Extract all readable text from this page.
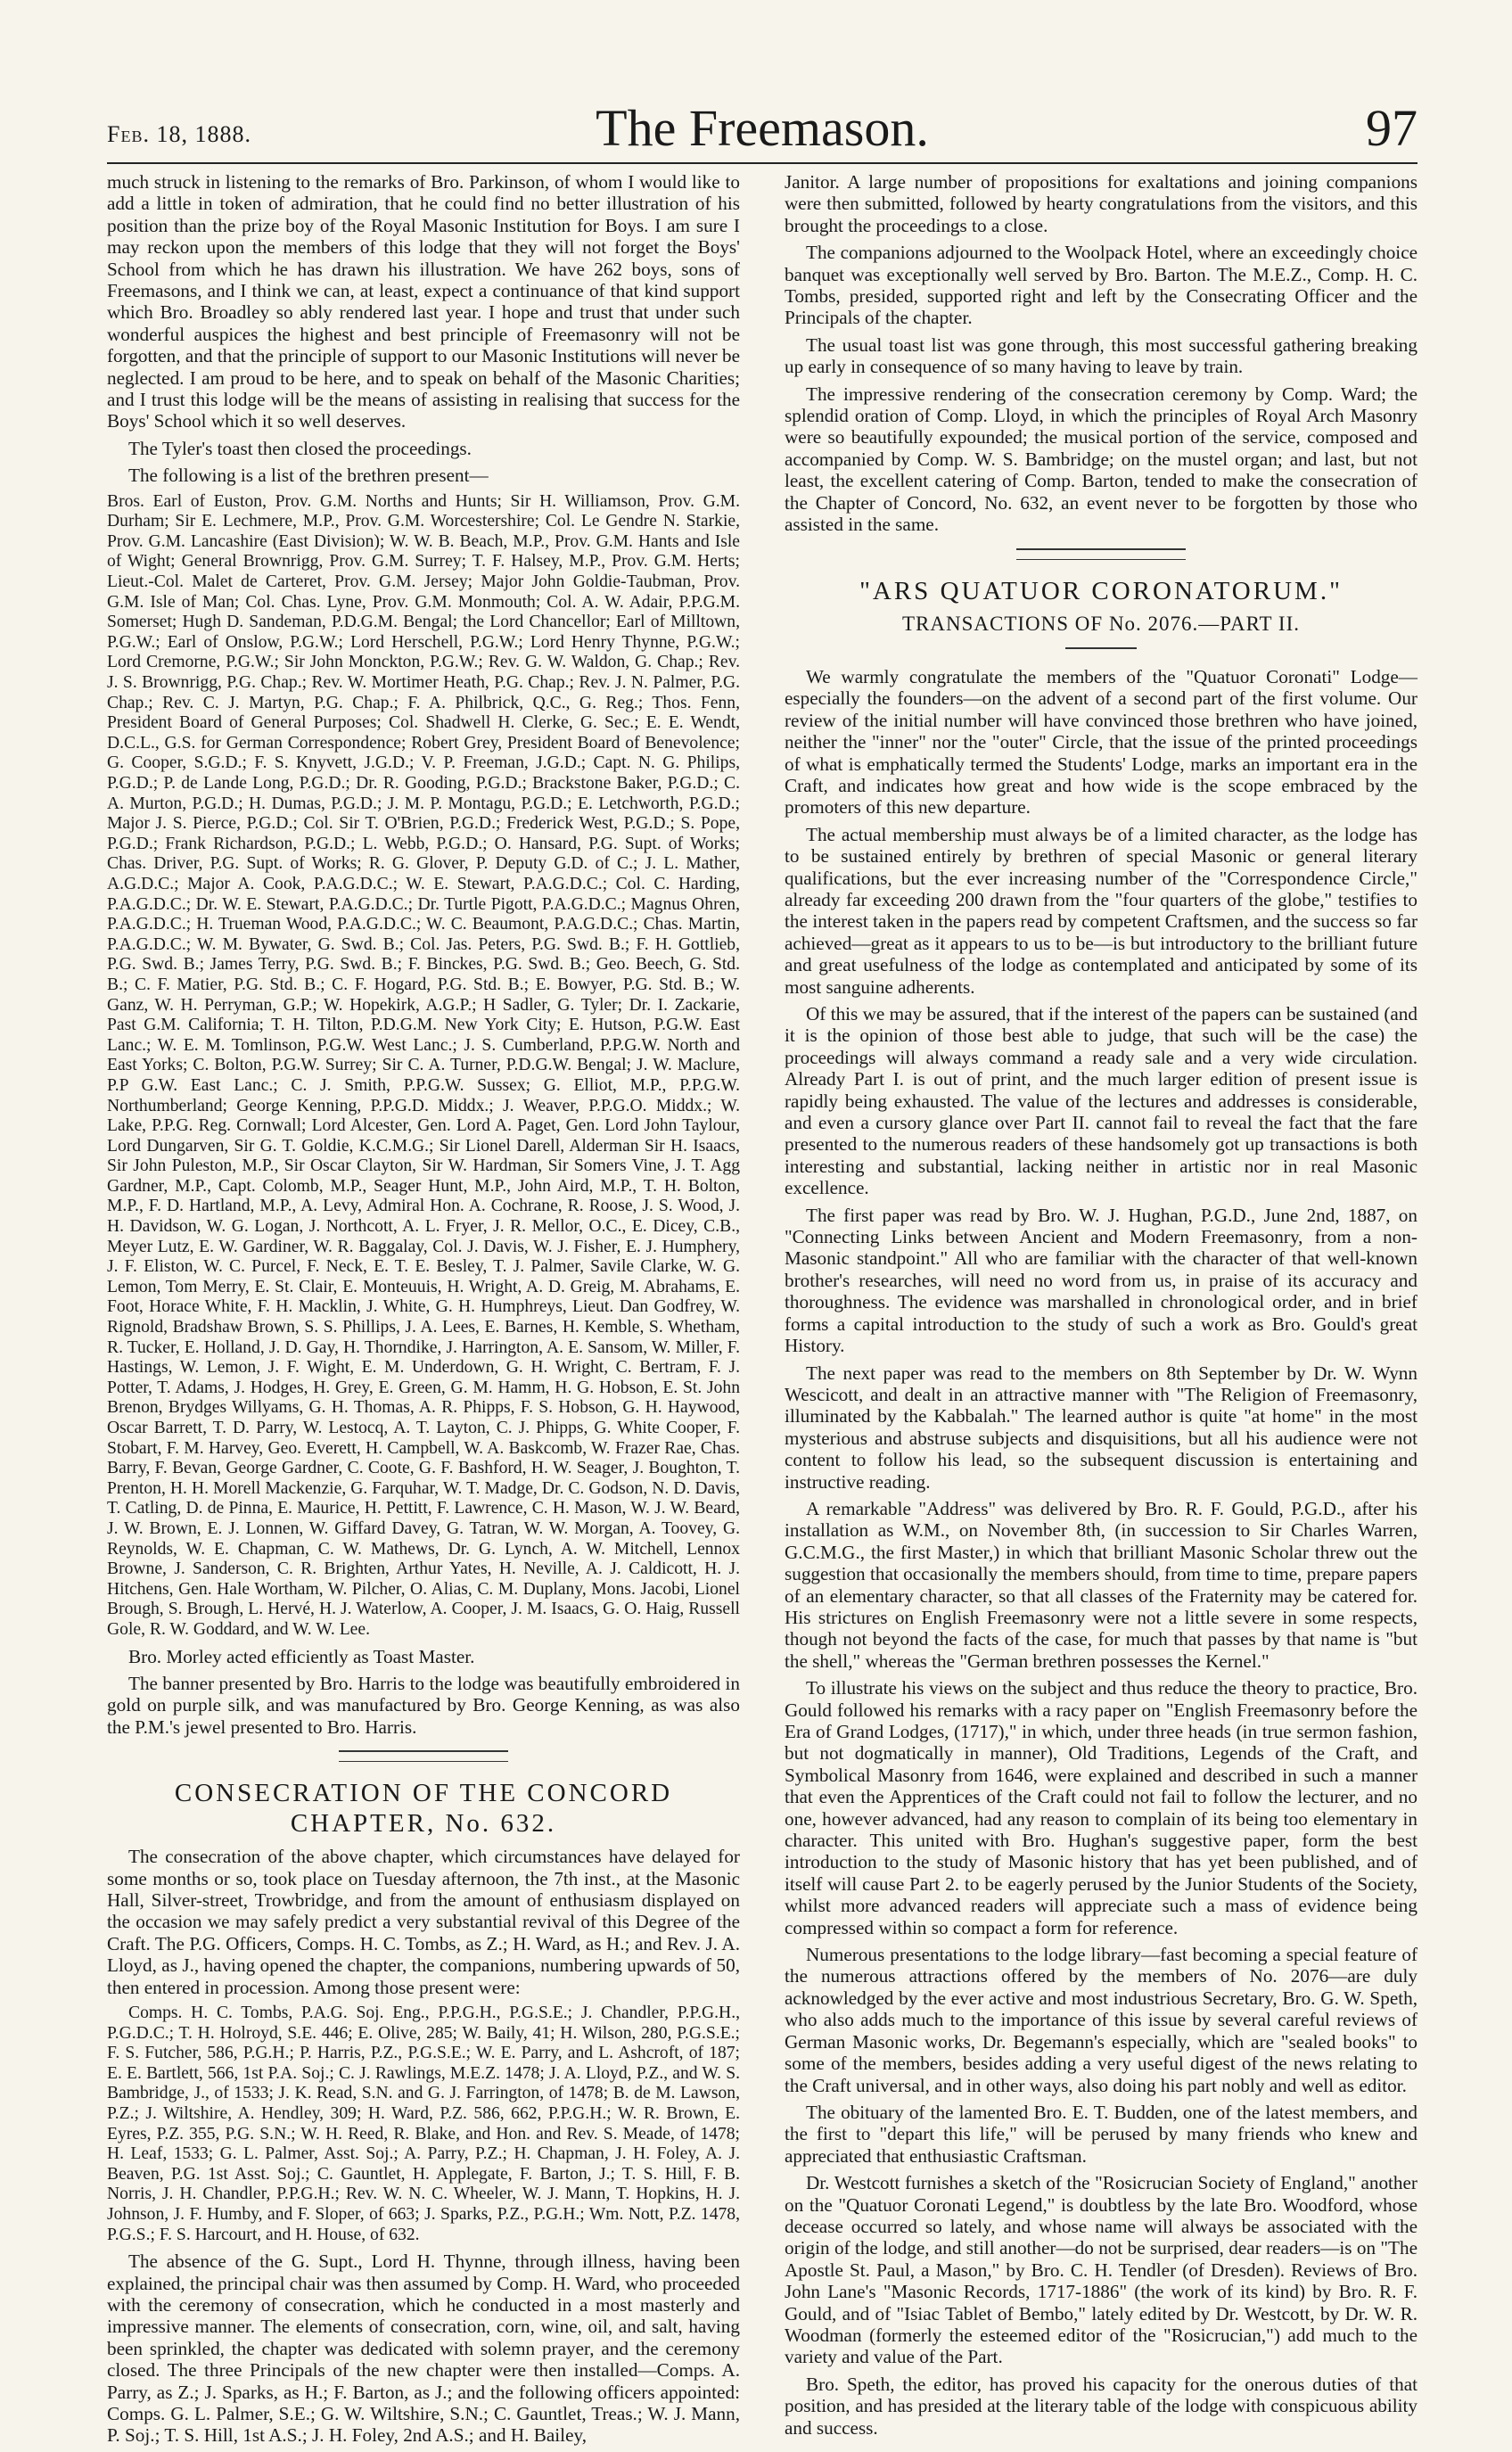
Feb. 18, 1888.	The Freemason.	97

much struck in listening to the remarks of Bro. Parkinson, of whom I would like to add a little in token of admiration, that he could find no better illustration of his position than the prize boy of the Royal Masonic Institution for Boys. I am sure I may reckon upon the members of this lodge that they will not forget the Boys' School from which he has drawn his illustration. We have 262 boys, sons of Freemasons, and I think we can, at least, expect a continuance of that kind support which Bro. Broadley so ably rendered last year. I hope and trust that under such wonderful auspices the highest and best principle of Freemasonry will not be forgotten, and that the principle of support to our Masonic Institutions will never be neglected. I am proud to be here, and to speak on behalf of the Masonic Charities; and I trust this lodge will be the means of assisting in realising that success for the Boys' School which it so well deserves.

The Tyler's toast then closed the proceedings.

The following is a list of the brethren present—

Bros. Earl of Euston, Prov. G.M. Norths and Hunts; Sir H. Williamson, Prov. G.M. Durham; Sir E. Lechmere, M.P., Prov. G.M. Worcestershire; Col. Le Gendre N. Starkie, Prov. G.M. Lancashire (East Division); W. W. B. Beach, M.P., Prov. G.M. Hants and Isle of Wight; General Brownrigg, Prov. G.M. Surrey; T. F. Halsey, M.P., Prov. G.M. Herts; Lieut.-Col. Malet de Carteret, Prov. G.M. Jersey; Major John Goldie-Taubman, Prov. G.M. Isle of Man; Col. Chas. Lyne, Prov. G.M. Monmouth; Col. A. W. Adair, P.P.G.M. Somerset; Hugh D. Sandeman, P.D.G.M. Bengal; the Lord Chancellor; Earl of Milltown, P.G.W.; Earl of Onslow, P.G.W.; Lord Herschell, P.G.W.; Lord Henry Thynne, P.G.W.; Lord Cremorne, P.G.W.; Sir John Monckton, P.G.W.; Rev. G. W. Waldon, G. Chap.; Rev. J. S. Brownrigg, P.G. Chap.; Rev. W. Mortimer Heath, P.G. Chap.; Rev. J. N. Palmer, P.G. Chap.; Rev. C. J. Martyn, P.G. Chap.; F. A. Philbrick, Q.C., G. Reg.; Thos. Fenn, President Board of General Purposes; Col. Shadwell H. Clerke, G. Sec.; E. E. Wendt, D.C.L., G.S. for German Correspondence; Robert Grey, President Board of Benevolence; G. Cooper, S.G.D.; F. S. Knyvett, J.G.D.; V. P. Freeman, J.G.D.; Capt. N. G. Philips, P.G.D.; P. de Lande Long, P.G.D.; Dr. R. Gooding, P.G.D.; Brackstone Baker, P.G.D.; C. A. Murton, P.G.D.; H. Dumas, P.G.D.; J. M. P. Montagu, P.G.D.; E. Letchworth, P.G.D.; Major J. S. Pierce, P.G.D.; Col. Sir T. O'Brien, P.G.D.; Frederick West, P.G.D.; S. Pope, P.G.D.; Frank Richardson, P.G.D.; L. Webb, P.G.D.; O. Hansard, P.G. Supt. of Works; Chas. Driver, P.G. Supt. of Works; R. G. Glover, P. Deputy G.D. of C.; J. L. Mather, A.G.D.C.; Major A. Cook, P.A.G.D.C.; W. E. Stewart, P.A.G.D.C.; Col. C. Harding, P.A.G.D.C.; Dr. W. E. Stewart, P.A.G.D.C.; Dr. Turtle Pigott, P.A.G.D.C.; Magnus Ohren, P.A.G.D.C.; H. Trueman Wood, P.A.G.D.C.; W. C. Beaumont, P.A.G.D.C.; Chas. Martin, P.A.G.D.C.; W. M. Bywater, G. Swd. B.; Col. Jas. Peters, P.G. Swd. B.; F. H. Gottlieb, P.G. Swd. B.; James Terry, P.G. Swd. B.; F. Binckes, P.G. Swd. B.; Geo. Beech, G. Std. B.; C. F. Matier, P.G. Std. B.; C. F. Hogard, P.G. Std. B.; E. Bowyer, P.G. Std. B.; W. Ganz, W. H. Perryman, G.P.; W. Hopekirk, A.G.P.; H Sadler, G. Tyler; Dr. I. Zackarie, Past G.M. California; T. H. Tilton, P.D.G.M. New York City; E. Hutson, P.G.W. East Lanc.; W. E. M. Tomlinson, P.G.W. West Lanc.; J. S. Cumberland, P.P.G.W. North and East Yorks; C. Bolton, P.G.W. Surrey; Sir C. A. Turner, P.D.G.W. Bengal; J. W. Maclure, P.P G.W. East Lanc.; C. J. Smith, P.P.G.W. Sussex; G. Elliot, M.P., P.P.G.W. Northumberland; George Kenning, P.P.G.D. Middx.; J. Weaver, P.P.G.O. Middx.; W. Lake, P.P.G. Reg. Cornwall; Lord Alcester, Gen. Lord A. Paget, Gen. Lord John Taylour, Lord Dungarven, Sir G. T. Goldie, K.C.M.G.; Sir Lionel Darell, Alderman Sir H. Isaacs, Sir John Puleston, M.P., Sir Oscar Clayton, Sir W. Hardman, Sir Somers Vine, J. T. Agg Gardner, M.P., Capt. Colomb, M.P., Seager Hunt, M.P., John Aird, M.P., T. H. Bolton, M.P., F. D. Hartland, M.P., A. Levy, Admiral Hon. A. Cochrane, R. Roose, J. S. Wood, J. H. Davidson, W. G. Logan, J. Northcott, A. L. Fryer, J. R. Mellor, O.C., E. Dicey, C.B., Meyer Lutz, E. W. Gardiner, W. R. Baggalay, Col. J. Davis, W. J. Fisher, E. J. Humphery, J. F. Eliston, W. C. Purcel, F. Neck, E. T. E. Besley, T. J. Palmer, Savile Clarke, W. G. Lemon, Tom Merry, E. St. Clair, E. Monteuuis, H. Wright, A. D. Greig, M. Abrahams, E. Foot, Horace White, F. H. Macklin, J. White, G. H. Humphreys, Lieut. Dan Godfrey, W. Rignold, Bradshaw Brown, S. S. Phillips, J. A. Lees, E. Barnes, H. Kemble, S. Whetham, R. Tucker, E. Holland, J. D. Gay, H. Thorndike, J. Harrington, A. E. Sansom, W. Miller, F. Hastings, W. Lemon, J. F. Wight, E. M. Underdown, G. H. Wright, C. Bertram, F. J. Potter, T. Adams, J. Hodges, H. Grey, E. Green, G. M. Hamm, H. G. Hobson, E. St. John Brenon, Brydges Willyams, G. H. Thomas, A. R. Phipps, F. S. Hobson, G. H. Haywood, Oscar Barrett, T. D. Parry, W. Lestocq, A. T. Layton, C. J. Phipps, G. White Cooper, F. Stobart, F. M. Harvey, Geo. Everett, H. Campbell, W. A. Baskcomb, W. Frazer Rae, Chas. Barry, F. Bevan, George Gardner, C. Coote, G. F. Bashford, H. W. Seager, J. Boughton, T. Prenton, H. H. Morell Mackenzie, G. Farquhar, W. T. Madge, Dr. C. Godson, N. D. Davis, T. Catling, D. de Pinna, E. Maurice, H. Pettitt, F. Lawrence, C. H. Mason, W. J. W. Beard, J. W. Brown, E. J. Lonnen, W. Giffard Davey, G. Tatran, W. W. Morgan, A. Toovey, G. Reynolds, W. E. Chapman, C. W. Mathews, Dr. G. Lynch, A. W. Mitchell, Lennox Browne, J. Sanderson, C. R. Brighten, Arthur Yates, H. Neville, A. J. Caldicott, H. J. Hitchens, Gen. Hale Wortham, W. Pilcher, O. Alias, C. M. Duplany, Mons. Jacobi, Lionel Brough, S. Brough, L. Hervé, H. J. Waterlow, A. Cooper, J. M. Isaacs, G. O. Haig, Russell Gole, R. W. Goddard, and W. W. Lee.

Bro. Morley acted efficiently as Toast Master.

The banner presented by Bro. Harris to the lodge was beautifully embroidered in gold on purple silk, and was manufactured by Bro. George Kenning, as was also the P.M.'s jewel presented to Bro. Harris.

CONSECRATION OF THE CONCORD CHAPTER, No. 632.

The consecration of the above chapter, which circumstances have delayed for some months or so, took place on Tuesday afternoon, the 7th inst., at the Masonic Hall, Silver-street, Trowbridge, and from the amount of enthusiasm displayed on the occasion we may safely predict a very substantial revival of this Degree of the Craft. The P.G. Officers, Comps. H. C. Tombs, as Z.; H. Ward, as H.; and Rev. J. A. Lloyd, as J., having opened the chapter, the companions, numbering upwards of 50, then entered in procession. Among those present were:

Comps. H. C. Tombs, P.A.G. Soj. Eng., P.P.G.H., P.G.S.E.; J. Chandler, P.P.G.H., P.G.D.C.; T. H. Holroyd, S.E. 446; E. Olive, 285; W. Baily, 41; H. Wilson, 280, P.G.S.E.; F. S. Futcher, 586, P.G.H.; P. Harris, P.Z., P.G.S.E.; W. E. Parry, and L. Ashcroft, of 187; E. E. Bartlett, 566, 1st P.A. Soj.; C. J. Rawlings, M.E.Z. 1478; J. A. Lloyd, P.Z., and W. S. Bambridge, J., of 1533; J. K. Read, S.N. and G. J. Farrington, of 1478; B. de M. Lawson, P.Z.; J. Wiltshire, A. Hendley, 309; H. Ward, P.Z. 586, 662, P.P.G.H.; W. R. Brown, E. Eyres, P.Z. 355, P.G. S.N.; W. H. Reed, R. Blake, and Hon. and Rev. S. Meade, of 1478; H. Leaf, 1533; G. L. Palmer, Asst. Soj.; A. Parry, P.Z.; H. Chapman, J. H. Foley, A. J. Beaven, P.G. 1st Asst. Soj.; C. Gauntlet, H. Applegate, F. Barton, J.; T. S. Hill, F. B. Norris, J. H. Chandler, P.P.G.H.; Rev. W. N. C. Wheeler, W. J. Mann, T. Hopkins, H. J. Johnson, J. F. Humby, and F. Sloper, of 663; J. Sparks, P.Z., P.G.H.; Wm. Nott, P.Z. 1478, P.G.S.; F. S. Harcourt, and H. House, of 632.

The absence of the G. Supt., Lord H. Thynne, through illness, having been explained, the principal chair was then assumed by Comp. H. Ward, who proceeded with the ceremony of consecration, which he conducted in a most masterly and impressive manner. The elements of consecration, corn, wine, oil, and salt, having been sprinkled, the chapter was dedicated with solemn prayer, and the ceremony closed. The three Principals of the new chapter were then installed—Comps. A. Parry, as Z.; J. Sparks, as H.; F. Barton, as J.; and the following officers appointed: Comps. G. L. Palmer, S.E.; G. W. Wiltshire, S.N.; C. Gauntlet, Treas.; W. J. Mann, P. Soj.; T. S. Hill, 1st A.S.; J. H. Foley, 2nd A.S.; and H. Bailey,

Janitor. A large number of propositions for exaltations and joining companions were then submitted, followed by hearty congratulations from the visitors, and this brought the proceedings to a close.

The companions adjourned to the Woolpack Hotel, where an exceedingly choice banquet was exceptionally well served by Bro. Barton. The M.E.Z., Comp. H. C. Tombs, presided, supported right and left by the Consecrating Officer and the Principals of the chapter.

The usual toast list was gone through, this most successful gathering breaking up early in consequence of so many having to leave by train.

The impressive rendering of the consecration ceremony by Comp. Ward; the splendid oration of Comp. Lloyd, in which the principles of Royal Arch Masonry were so beautifully expounded; the musical portion of the service, composed and accompanied by Comp. W. S. Bambridge; on the mustel organ; and last, but not least, the excellent catering of Comp. Barton, tended to make the consecration of the Chapter of Concord, No. 632, an event never to be forgotten by those who assisted in the same.

"ARS QUATUOR CORONATORUM."
TRANSACTIONS OF No. 2076.—PART II.

We warmly congratulate the members of the "Quatuor Coronati" Lodge—especially the founders—on the advent of a second part of the first volume. Our review of the initial number will have convinced those brethren who have joined, neither the "inner" nor the "outer" Circle, that the issue of the printed proceedings of what is emphatically termed the Students' Lodge, marks an important era in the Craft, and indicates how great and how wide is the scope embraced by the promoters of this new departure.

The actual membership must always be of a limited character, as the lodge has to be sustained entirely by brethren of special Masonic or general literary qualifications, but the ever increasing number of the "Correspondence Circle," already far exceeding 200 drawn from the "four quarters of the globe," testifies to the interest taken in the papers read by competent Craftsmen, and the success so far achieved—great as it appears to us to be—is but introductory to the brilliant future and great usefulness of the lodge as contemplated and anticipated by some of its most sanguine adherents.

Of this we may be assured, that if the interest of the papers can be sustained (and it is the opinion of those best able to judge, that such will be the case) the proceedings will always command a ready sale and a very wide circulation. Already Part I. is out of print, and the much larger edition of present issue is rapidly being exhausted. The value of the lectures and addresses is considerable, and even a cursory glance over Part II. cannot fail to reveal the fact that the fare presented to the numerous readers of these handsomely got up transactions is both interesting and substantial, lacking neither in artistic nor in real Masonic excellence.

The first paper was read by Bro. W. J. Hughan, P.G.D., June 2nd, 1887, on "Connecting Links between Ancient and Modern Freemasonry, from a non-Masonic standpoint." All who are familiar with the character of that well-known brother's researches, will need no word from us, in praise of its accuracy and thoroughness. The evidence was marshalled in chronological order, and in brief forms a capital introduction to the study of such a work as Bro. Gould's great History.

The next paper was read to the members on 8th September by Dr. W. Wynn Wescicott, and dealt in an attractive manner with "The Religion of Freemasonry, illuminated by the Kabbalah." The learned author is quite "at home" in the most mysterious and abstruse subjects and disquisitions, but all his audience were not content to follow his lead, so the subsequent discussion is entertaining and instructive reading.

A remarkable "Address" was delivered by Bro. R. F. Gould, P.G.D., after his installation as W.M., on November 8th, (in succession to Sir Charles Warren, G.C.M.G., the first Master,) in which that brilliant Masonic Scholar threw out the suggestion that occasionally the members should, from time to time, prepare papers of an elementary character, so that all classes of the Fraternity may be catered for. His strictures on English Freemasonry were not a little severe in some respects, though not beyond the facts of the case, for much that passes by that name is "but the shell," whereas the "German brethren possesses the Kernel."

To illustrate his views on the subject and thus reduce the theory to practice, Bro. Gould followed his remarks with a racy paper on "English Freemasonry before the Era of Grand Lodges, (1717)," in which, under three heads (in true sermon fashion, but not dogmatically in manner), Old Traditions, Legends of the Craft, and Symbolical Masonry from 1646, were explained and described in such a manner that even the Apprentices of the Craft could not fail to follow the lecturer, and no one, however advanced, had any reason to complain of its being too elementary in character. This united with Bro. Hughan's suggestive paper, form the best introduction to the study of Masonic history that has yet been published, and of itself will cause Part 2. to be eagerly perused by the Junior Students of the Society, whilst more advanced readers will appreciate such a mass of evidence being compressed within so compact a form for reference.

Numerous presentations to the lodge library—fast becoming a special feature of the numerous attractions offered by the members of No. 2076—are duly acknowledged by the ever active and most industrious Secretary, Bro. G. W. Speth, who also adds much to the importance of this issue by several careful reviews of German Masonic works, Dr. Begemann's especially, which are "sealed books" to some of the members, besides adding a very useful digest of the news relating to the Craft universal, and in other ways, also doing his part nobly and well as editor.

The obituary of the lamented Bro. E. T. Budden, one of the latest members, and the first to "depart this life," will be perused by many friends who knew and appreciated that enthusiastic Craftsman.

Dr. Westcott furnishes a sketch of the "Rosicrucian Society of England," another on the "Quatuor Coronati Legend," is doubtless by the late Bro. Woodford, whose decease occurred so lately, and whose name will always be associated with the origin of the lodge, and still another—do not be surprised, dear readers—is on "The Apostle St. Paul, a Mason," by Bro. C. H. Tendler (of Dresden). Reviews of Bro. John Lane's "Masonic Records, 1717-1886" (the work of its kind) by Bro. R. F. Gould, and of "Isiac Tablet of Bembo," lately edited by Dr. Westcott, by Dr. W. R. Woodman (formerly the esteemed editor of the "Rosicrucian,") add much to the variety and value of the Part.

Bro. Speth, the editor, has proved his capacity for the onerous duties of that position, and has presided at the literary table of the lodge with conspicuous ability and success.
